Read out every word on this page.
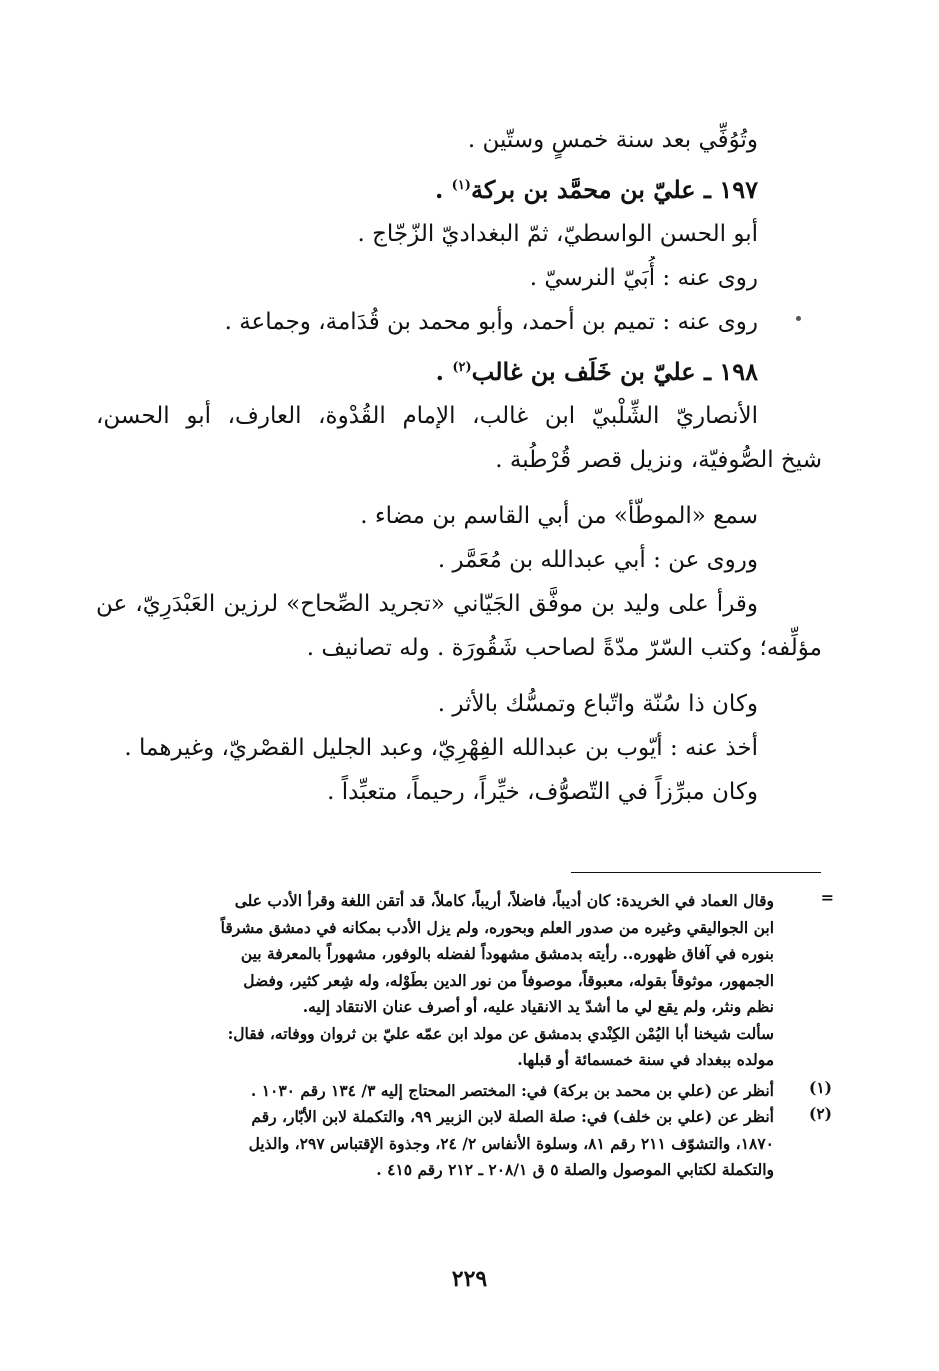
وتُوُفِّي بعد سنة خمسٍ وستّين .
١٩٧ ـ عليّ بن محمَّد بن بركة$^{(١)}$ .
أبو الحسن الواسطيّ، ثمّ البغداديّ الزّجّاج .
روى عنه : أُبَيّ النرسيّ .
روى عنه : تميم بن أحمد، وأبو محمد بن قُدَامة، وجماعة .
١٩٨ ـ عليّ بن خَلَف بن غالب$^{(٢)}$ .
الأنصاريّ الشِّلْبيّ ابن غالب، الإمام القُدْوة، العارف، أبو الحسن،
شيخ الصُّوفيّة، ونزيل قصر قُرْطُبة .
سمع «الموطّأ» من أبي القاسم بن مضاء .
وروى عن : أبي عبدالله بن مُعَمَّر .
وقرأ على وليد بن موفَّق الجَيّاني «تجريد الصِّحاح» لرزين العَبْدَرِيّ، عن
مؤلِّفه؛ وكتب السّرّ مدّةً لصاحب شَقُورَة . وله تصانيف .
وكان ذا سُنّة واتّباع وتمسُّك بالأثر .
أخذ عنه : أيّوب بن عبدالله الفِهْرِيّ، وعبد الجليل القصْريّ، وغيرهما .
وكان مبرِّزاً في التّصوُّف، خيِّراً، رحيماً، متعبِّداً .
=
وقال العماد في الخريدة: كان أديباً، فاضلاً، أريباً، كاملاً، قد أتقن اللغة وقرأ الأدب على
ابن الجواليقي وغيره من صدور العلم وبحوره، ولم يزل الأدب بمكانه في دمشق مشرقاً
بنوره في آفاق ظهوره.. رأيته بدمشق مشهوداً لفضله بالوفور، مشهوراً بالمعرفة بين
الجمهور، موثوقاً بقوله، معبوقاً، موصوفاً من نور الدين بطَوْله، وله شِعر كثير، وفضل
نظم ونثر، ولم يقع لي ما أشدّ يد الانقياد عليه، أو أصرف عنان الانتقاد إليه.
سألت شيخنا أبا اليُمْن الكِنْدي بدمشق عن مولد ابن عمّه عليّ بن ثروان ووفاته، فقال:
مولده ببغداد في سنة خمسمائة أو قبلها.
(١)
أنظر عن (علي بن محمد بن بركة) في: المختصر المحتاج إليه ٣/ ١٣٤ رقم ١٠٣٠ .
(٢)
أنظر عن (علي بن خلف) في: صلة الصلة لابن الزبير ٩٩، والتكملة لابن الأبّار، رقم
١٨٧٠، والتشوّف ٢١١ رقم ٨١، وسلوة الأنفاس ٢/ ٢٤، وجذوة الإقتباس ٢٩٧، والذيل
والتكملة لكتابي الموصول والصلة ٥ ق ٢٠٨/١ ـ ٢١٢ رقم ٤١٥ .
٢٢٩
